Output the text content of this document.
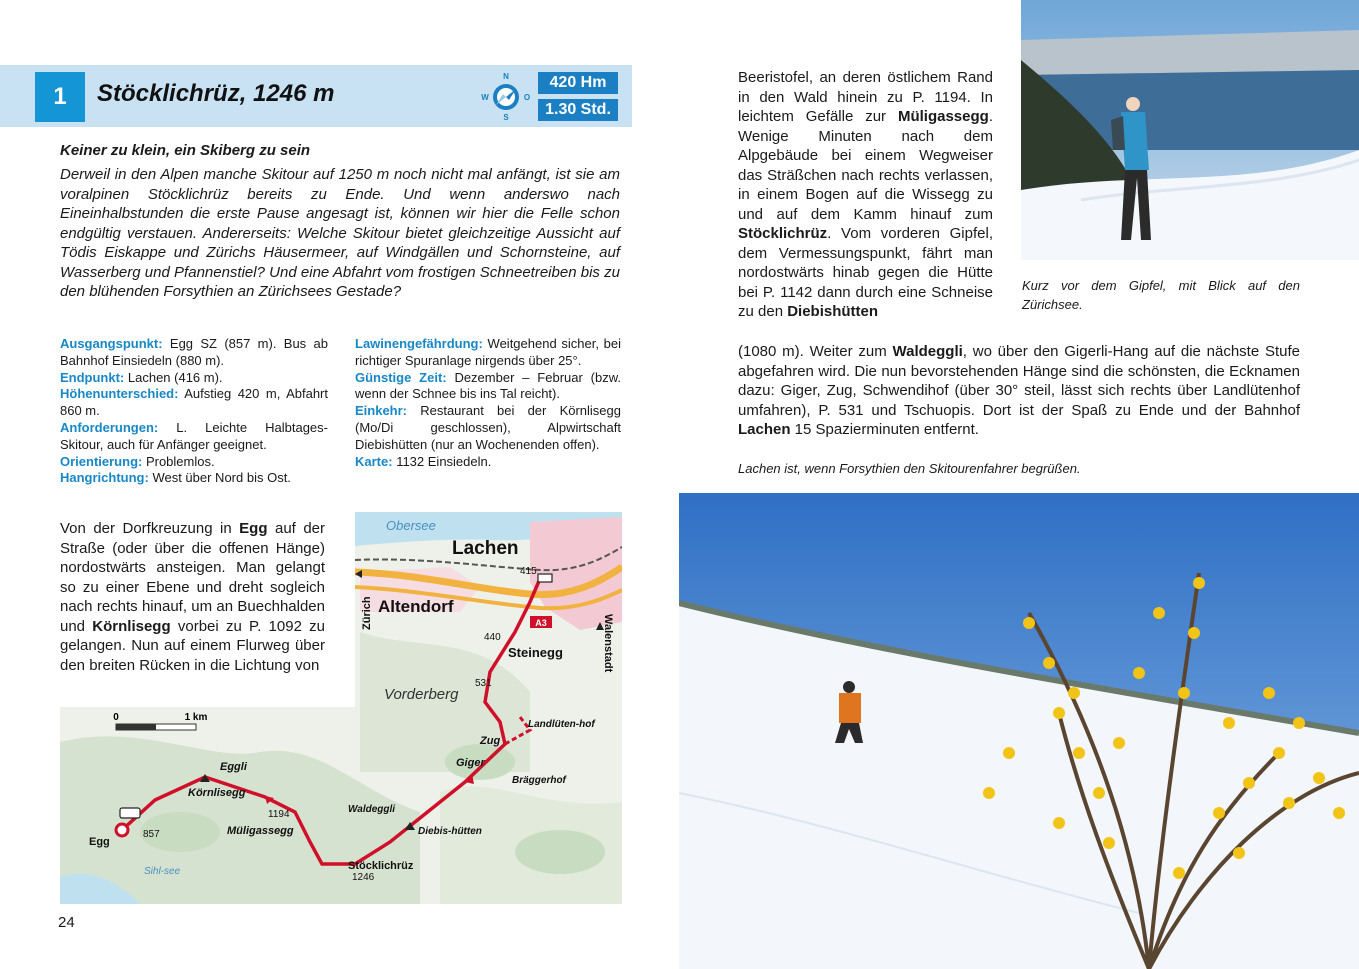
1	Stöcklichrüz, 1246 m
N
S
W	O
420 Hm
1.30 Std.
Keiner zu klein, ein Skiberg zu sein

Derweil in den Alpen manche Skitour auf 1250 m noch nicht mal anfängt, ist sie am voralpinen Stöcklichrüz bereits zu Ende. Und wenn anderswo nach Eineinhalbstunden die erste Pause angesagt ist, können wir hier die Felle schon endgültig verstauen. Andererseits: Welche Skitour bietet gleichzeitige Aussicht auf Tödis Eiskappe und Zürichs Häusermeer, auf Windgällen und Schornsteine, auf Wasserberg und Pfannenstiel? Und eine Abfahrt vom frostigen Schneetreiben bis zu den blühenden Forsythien an Zürichsees Gestade?

Ausgangspunkt: Egg SZ (857 m). Bus ab Bahnhof Einsiedeln (880 m).

Endpunkt: Lachen (416 m).

Höhenunterschied: Aufstieg 420 m, Abfahrt 860 m.

Anforderungen: L. Leichte Halbtages-Skitour, auch für Anfänger geeignet.

Orientierung: Problemlos.

Hangrichtung: West über Nord bis Ost.

Lawinengefährdung: Weitgehend sicher, bei richtiger Spuranlage nirgends über 25°.

Günstige Zeit: Dezember – Februar (bzw. wenn der Schnee bis ins Tal reicht).

Einkehr: Restaurant bei der Körnlisegg (Mo/Di geschlossen), Alpwirtschaft Diebishütten (nur an Wochenenden offen).

Karte: 1132 Einsiedeln.

0	1 km
Obersee
Lachen
Altendorf
Zürich
Walenstadt
A3
Steinegg
Vorderberg
Landlüten-hof
Zug
Giger
Bräggerhof
Eggli
Körnlisegg
Müligassegg
Waldeggli
Diebis-hütten
Stöcklichrüz
Egg
Sihl-see
415
440
531
1194
857
1246

Von der Dorfkreuzung in Egg auf der Straße (oder über die offenen Hänge) nordostwärts ansteigen. Man gelangt so zu einer Ebene und dreht sogleich nach rechts hinauf, um an Buechhalden und Körnlisegg vorbei zu P. 1092 zu gelangen. Nun auf einem Flurweg über den breiten Rücken in die Lichtung von

24
Kurz vor dem Gipfel, mit Blick auf den Zürichsee.

Beeristofel, an deren östlichem Rand in den Wald hinein zu P. 1194. In leichtem Gefälle zur Müligassegg. Wenige Minuten nach dem Alpgebäude bei einem Wegweiser das Sträßchen nach rechts verlassen, in einem Bogen auf die Wissegg zu und auf dem Kamm hinauf zum Stöcklichrüz. Vom vorderen Gipfel, dem Vermessungspunkt, fährt man nordostwärts hinab gegen die Hütte bei P. 1142 dann durch eine Schneise zu den Diebishütten

(1080 m). Weiter zum Waldeggli, wo über den Gigerli-Hang auf die nächste Stufe abgefahren wird. Die nun bevorstehenden Hänge sind die schönsten, die Ecknamen dazu: Giger, Zug, Schwendihof (über 30° steil, lässt sich rechts über Landlütenhof umfahren), P. 531 und Tschuopis. Dort ist der Spaß zu Ende und der Bahnhof Lachen 15 Spazierminuten entfernt.

Lachen ist, wenn Forsythien den Skitourenfahrer begrüßen.
